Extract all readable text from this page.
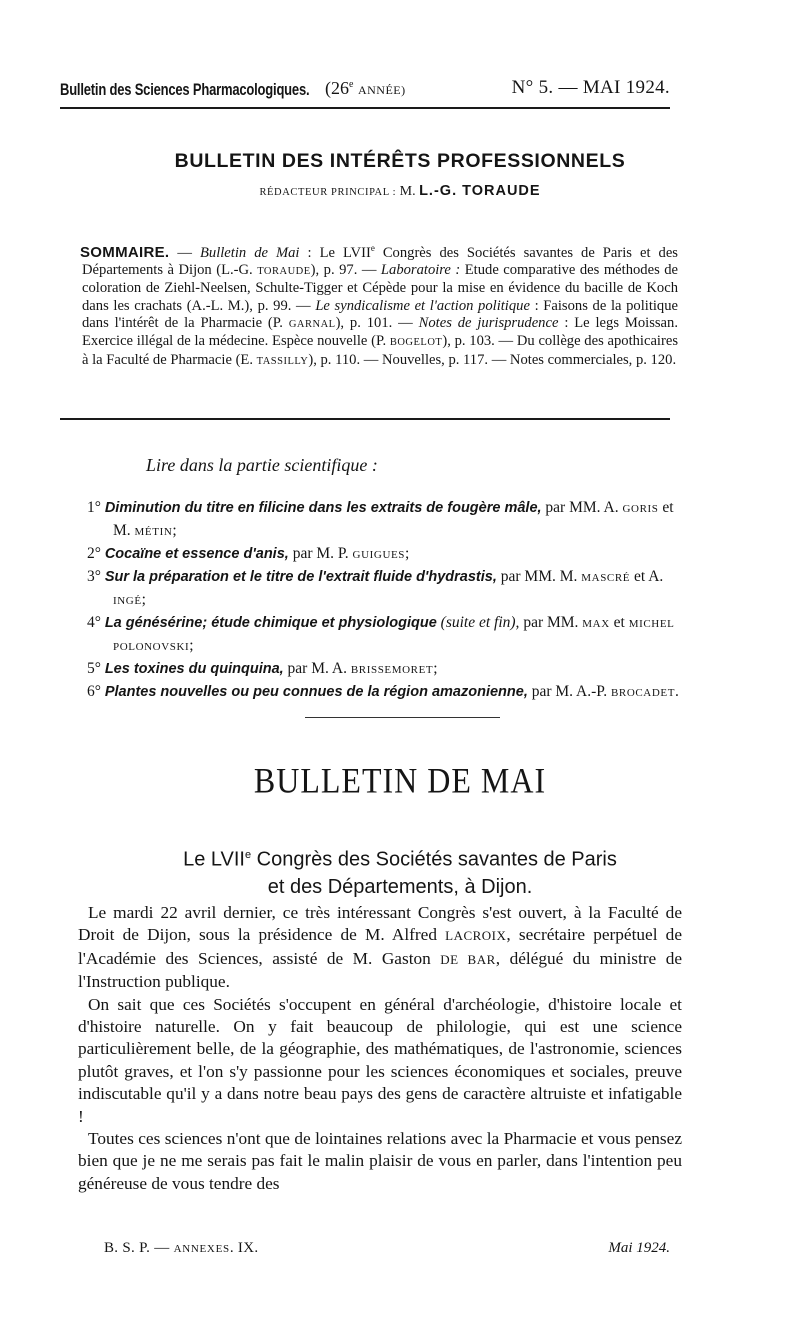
Bulletin des Sciences Pharmacologiques. (26e ANNÉE)	N° 5. — MAI 1924.
BULLETIN DES INTÉRÊTS PROFESSIONNELS
RÉDACTEUR PRINCIPAL : M. L.-G. TORAUDE
SOMMAIRE. — Bulletin de Mai : Le LVIIe Congrès des Sociétés savantes de Paris et des Départements à Dijon (L.-G. TORAUDE), p. 97. — Laboratoire : Etude comparative des méthodes de coloration de Ziehl-Neelsen, Schulte-Tigger et Cépède pour la mise en évidence du bacille de Koch dans les crachats (A.-L. M.), p. 99. — Le syndicalisme et l'action politique : Faisons de la politique dans l'intérêt de la Pharmacie (P. GARNAL), p. 101. — Notes de jurisprudence : Le legs Moissan. Exercice illégal de la médecine. Espèce nouvelle (P. BOGELOT), p. 103. — Du collège des apothicaires à la Faculté de Pharmacie (E. TASSILLY), p. 110. — Nouvelles, p. 117. — Notes commerciales, p. 120.
Lire dans la partie scientifique :
1° Diminution du titre en filicine dans les extraits de fougère mâle, par MM. A. GORIS et M. MÉTIN;
2° Cocaïne et essence d'anis, par M. P. GUIGUES;
3° Sur la préparation et le titre de l'extrait fluide d'hydrastis, par MM. M. MASCRÉ et A. INGÉ;
4° La génésérine; étude chimique et physiologique (suite et fin), par MM. MAX et MICHEL POLONOVSKI;
5° Les toxines du quinquina, par M. A. BRISSEMORET;
6° Plantes nouvelles ou peu connues de la région amazonienne, par M. A.-P. BROCADET.
BULLETIN DE MAI
Le LVIIe Congrès des Sociétés savantes de Paris
et des Départements, à Dijon.

Le mardi 22 avril dernier, ce très intéressant Congrès s'est ouvert, à la Faculté de Droit de Dijon, sous la présidence de M. Alfred LACROIX, secrétaire perpétuel de l'Académie des Sciences, assisté de M. Gaston DE BAR, délégué du ministre de l'Instruction publique.

On sait que ces Sociétés s'occupent en général d'archéologie, d'histoire locale et d'histoire naturelle. On y fait beaucoup de philologie, qui est une science particulièrement belle, de la géographie, des mathématiques, de l'astronomie, sciences plutôt graves, et l'on s'y passionne pour les sciences économiques et sociales, preuve indiscutable qu'il y a dans notre beau pays des gens de caractère altruiste et infatigable !

Toutes ces sciences n'ont que de lointaines relations avec la Pharmacie et vous pensez bien que je ne me serais pas fait le malin plaisir de vous en parler, dans l'intention peu généreuse de vous tendre des

B. S. P. — ANNEXES. IX.	Mai 1924.
